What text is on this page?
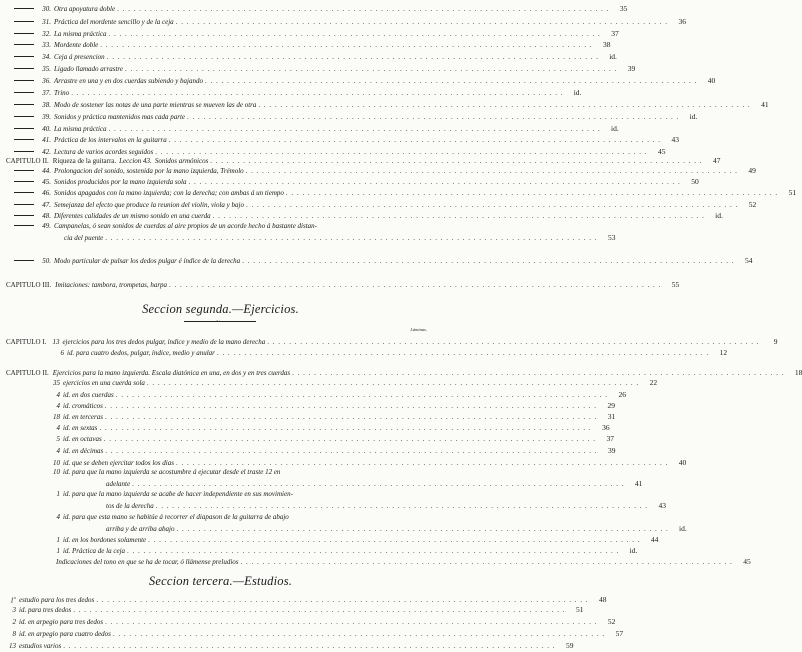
30. Otra apoyatura doble . . .	35
31. Práctica del mordente sencillo y de la ceja . . .	36
32. La misma práctica . . .	37
33. Mordente doble . . .	38
34. Ceja á presencion . . .	id.
35. Ligado llamado arrastre . . .	39
36. Arrastre en una y en dos cuerdas subiendo y bajando . . .	40
37. Trino . . .	id.
38. Modo de sostener las notas de una parte mientras se mueven las de otra . . .	41
39. Sonidos y práctica mantenidos mas cada parte . . .	id.
40. La misma práctica . . .	id.
41. Práctica de los intervalos en la guitarra . . .	43
42. Lectura de varios acordes seguidos . . .	45
CAPITULO II. Riqueza de la guitarra. Leccion 43. Sonidos armónicos . . .	47
44. Prolongacion del sonido, sostenida por la mano izquierda, Trémolo . . .	49
45. Sonidos producidos por la mano izquierda sola . . .	50
46. Sonidos apagados con la mano izquierda; con la derecha; con ambas á un tiempo . . .	51
47. Semejanza del efecto que produce la reunion del violin, viola y bajo . . .	52
48. Diferentes calidades de un mismo sonido en una cuerda . . .	id.
49. Campanelas, ó sean sonidos de cuerdas al aire propios de un acorde hecho á bastante distan-
cia del puente . . .	53
50. Modo particular de pulsar los dedos pulgar é índice de la derecha . . .	54
CAPITULO III. Imitaciones: tambora, trompetas, harpa . . .	55
Seccion segunda.—Ejercicios.
~
Láminas.
CAPITULO I. 13 ejercicios para los tres dedos pulgar, índice y medio de la mano derecha . . .	9
6 id. para cuatro dedos, pulgar, índice, medio y anular . . .	12
CAPITULO II. Ejercicios para la mano izquierda. Escala diatónica en una, en dos y en tres cuerdas . . .	18
35 ejercicios en una cuerda sola . . .	22
4 id. en dos cuerdas . . .	26
4 id. cromáticos . . .	29
18 id. en terceras . . .	31
4 id. en sextas . . .	36
5 id. en octavas . . .	37
4 id. en décimas . . .	39
10 id. que se deben ejercitar todos los dias . . .	40
10 id. para que la mano izquierda se acostumbre á ejecutar desde el traste 12 en
adelante . . .	41
1 id. para que la mano izquierda se acabe de hacer independiente en sus movimien-
tos de la derecha . . .	43
4 id. para que esta mano se habitúe á recorrer el diapason de la guitarra de abajo
arriba y de arriba abajo . . .	id.
1 id. en los bordones solamente . . .	44
1 id. Práctica de la ceja . . .	id.
Indicaciones del tono en que se ha de tocar, ó llámense preludios . . .	45
Seccion tercera.—Estudios.
1$^o$ estudio para los tres dedos . . .	48
3 id. para tres dedos . . .	51
2 id. en arpegio para tres dedos . . .	52
8 id. en arpegio para cuatro dedos . . .	57
13 estudios varios . . .	59
